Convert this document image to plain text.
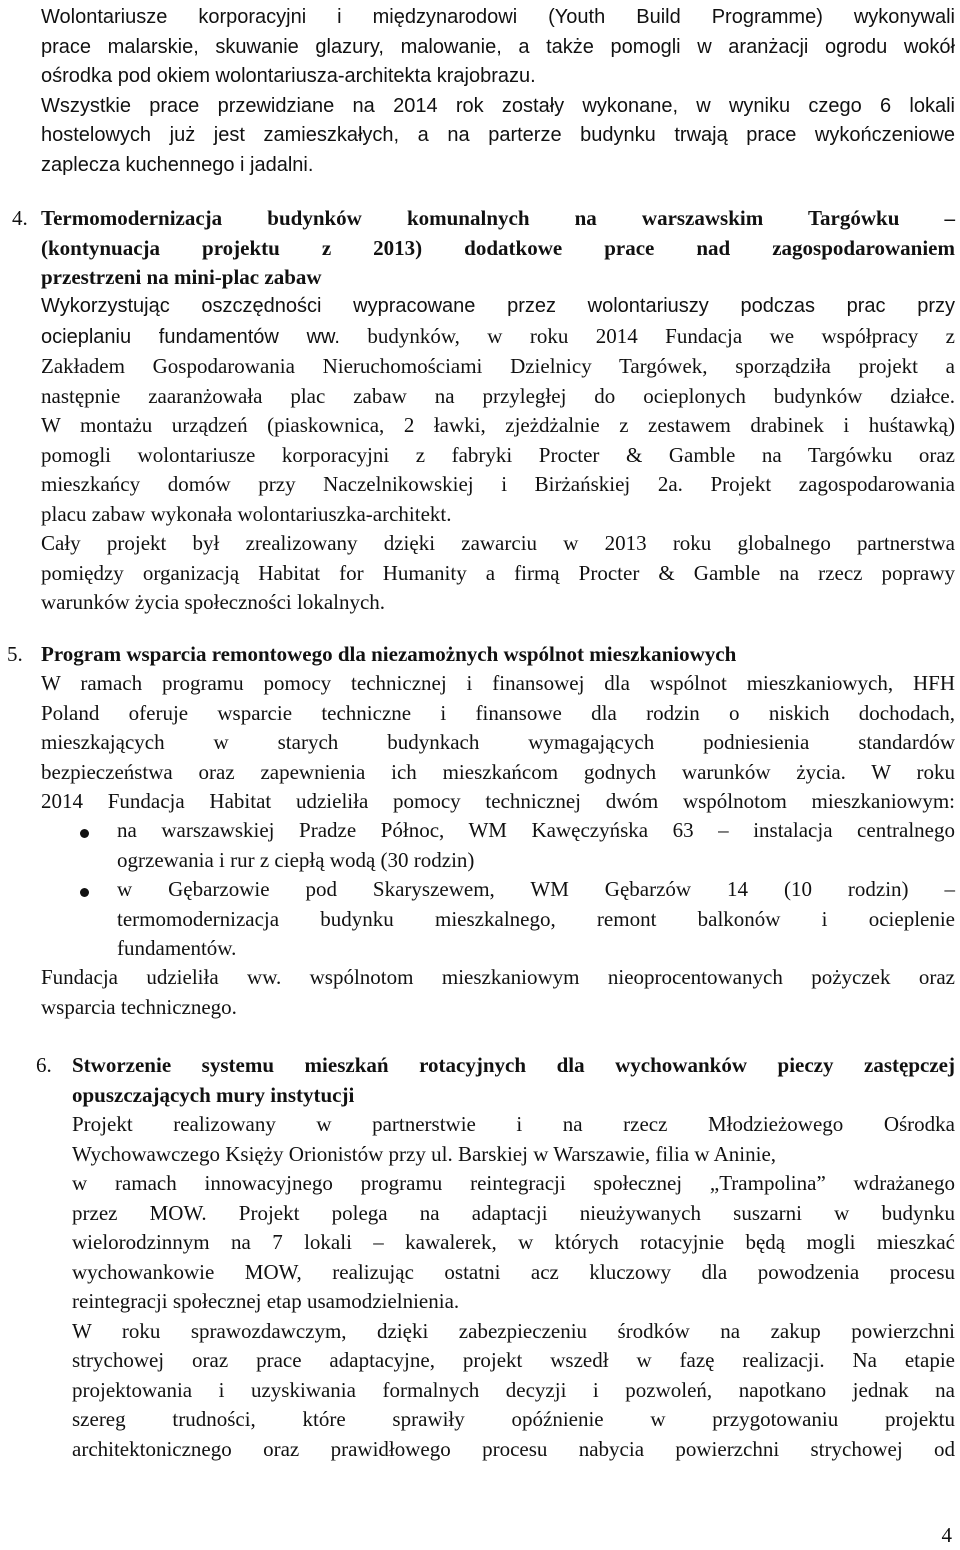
Wolontariusze korporacyjni i międzynarodowi (Youth Build Programme) wykonywali
prace malarskie, skuwanie glazury, malowanie, a także pomogli w aranżacji ogrodu wokół
ośrodka pod okiem wolontariusza-architekta krajobrazu.
Wszystkie prace przewidziane na 2014 rok zostały wykonane, w wyniku czego 6 lokali
hostelowych już jest zamieszkałych, a na parterze budynku trwają prace wykończeniowe
zaplecza kuchennego i jadalni.
4. Termomodernizacja budynków komunalnych na warszawskim Targówku –
(kontynuacja projektu z 2013) dodatkowe prace nad zagospodarowaniem
przestrzeni na mini-plac zabaw
Wykorzystując oszczędności wypracowane przez wolontariuszy podczas prac przy
ocieplaniu fundamentów ww. budynków, w roku 2014 Fundacja we współpracy z
Zakładem Gospodarowania Nieruchomościami Dzielnicy Targówek, sporządziła projekt a
następnie zaaranżowała plac zabaw na przyległej do ocieplonych budynków działce.
W montażu urządzeń (piaskownica, 2 ławki, zjeżdżalnie z zestawem drabinek i huśtawką)
pomogli wolontariusze korporacyjni z fabryki Procter & Gamble na Targówku oraz
mieszkańcy domów przy Naczelnikowskiej i Birżańskiej 2a. Projekt zagospodarowania
placu zabaw wykonała wolontariuszka-architekt.
Cały projekt był zrealizowany dzięki zawarciu w 2013 roku globalnego partnerstwa
pomiędzy organizacją Habitat for Humanity a firmą Procter & Gamble na rzecz poprawy
warunków życia społeczności lokalnych.
5. Program wsparcia remontowego dla niezamożnych wspólnot mieszkaniowych
W ramach programu pomocy technicznej i finansowej dla wspólnot mieszkaniowych, HFH
Poland oferuje wsparcie techniczne i finansowe dla rodzin o niskich dochodach,
mieszkających w starych budynkach wymagających podniesienia standardów
bezpieczeństwa oraz zapewnienia ich mieszkańcom godnych warunków życia. W roku
2014 Fundacja Habitat udzieliła pomocy technicznej dwóm wspólnotom mieszkaniowym:
na warszawskiej Pradze Północ, WM Kawęczyńska 63 – instalacja centralnego
ogrzewania i rur z ciepłą wodą (30 rodzin)
w Gębarzowie pod Skaryszewem, WM Gębarzów 14 (10 rodzin) –
termomodernizacja budynku mieszkalnego, remont balkonów i ocieplenie
fundamentów.
Fundacja udzieliła ww. wspólnotom mieszkaniowym nieoprocentowanych pożyczek oraz
wsparcia technicznego.
6. Stworzenie systemu mieszkań rotacyjnych dla wychowanków pieczy zastępczej
opuszczających mury instytucji
Projekt realizowany w partnerstwie i na rzecz Młodzieżowego Ośrodka
Wychowawczego Księży Orionistów przy ul. Barskiej w Warszawie, filia w Aninie,
w ramach innowacyjnego programu reintegracji społecznej „Trampolina” wdrażanego
przez MOW. Projekt polega na adaptacji nieużywanych suszarni w budynku
wielorodzinnym na 7 lokali – kawalerek, w których rotacyjnie będą mogli mieszkać
wychowankowie MOW, realizując ostatni acz kluczowy dla powodzenia procesu
reintegracji społecznej etap usamodzielnienia.
W roku sprawozdawczym, dzięki zabezpieczeniu środków na zakup powierzchni
strychowej oraz prace adaptacyjne, projekt wszedł w fazę realizacji. Na etapie
projektowania i uzyskiwania formalnych decyzji i pozwoleń, napotkano jednak na
szereg trudności, które sprawiły opóźnienie w przygotowaniu projektu
architektonicznego oraz prawidłowego procesu nabycia powierzchni strychowej od
4
